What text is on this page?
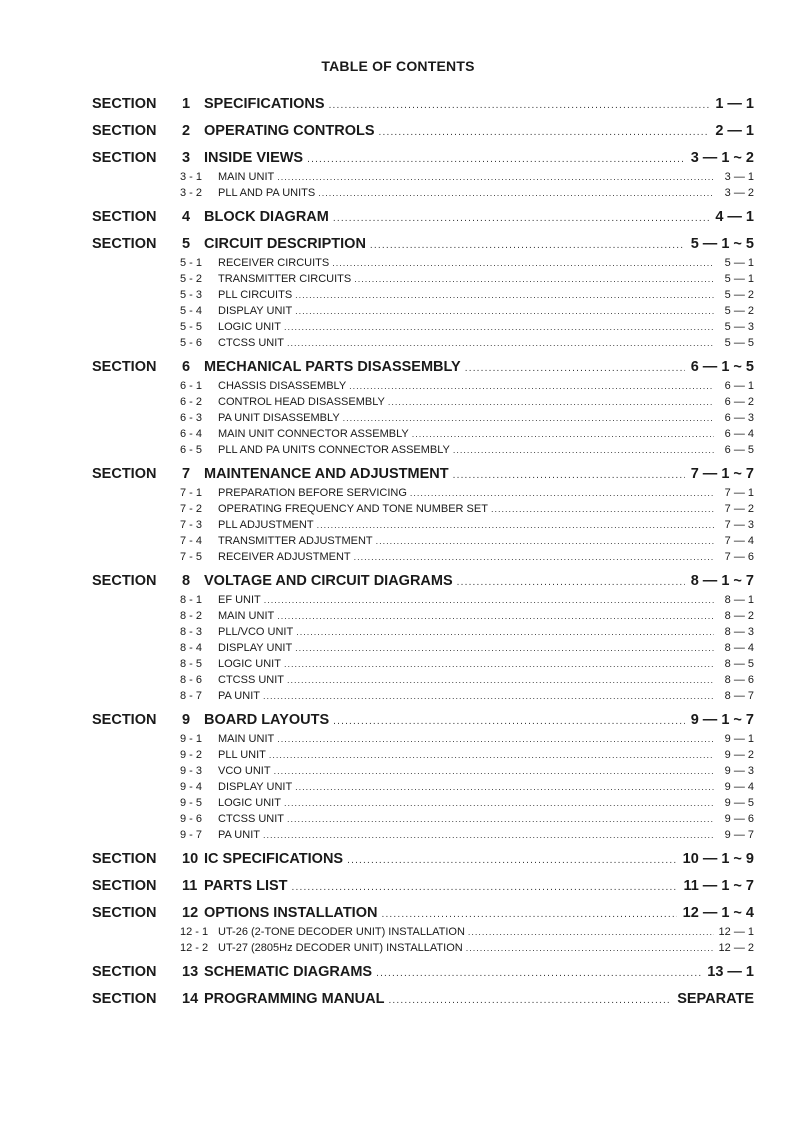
TABLE OF CONTENTS
SECTION	1 SPECIFICATIONS .....	1 — 1
SECTION	2 OPERATING CONTROLS .....	2 — 1
SECTION	3 INSIDE VIEWS .....	3 — 1 ~ 2
3 - 1	MAIN UNIT .....	3 — 1
3 - 2	PLL AND PA UNITS .....	3 — 2
SECTION	4 BLOCK DIAGRAM .....	4 — 1
SECTION	5 CIRCUIT DESCRIPTION .....	5 — 1 ~ 5
5 - 1	RECEIVER CIRCUITS .....	5 — 1
5 - 2	TRANSMITTER CIRCUITS .....	5 — 1
5 - 3	PLL CIRCUITS .....	5 — 2
5 - 4	DISPLAY UNIT .....	5 — 2
5 - 5	LOGIC UNIT .....	5 — 3
5 - 6	CTCSS UNIT .....	5 — 5
SECTION	6 MECHANICAL PARTS DISASSEMBLY .....	6 — 1 ~ 5
6 - 1	CHASSIS DISASSEMBLY .....	6 — 1
6 - 2	CONTROL HEAD DISASSEMBLY .....	6 — 2
6 - 3	PA UNIT DISASSEMBLY .....	6 — 3
6 - 4	MAIN UNIT CONNECTOR ASSEMBLY .....	6 — 4
6 - 5	PLL AND PA UNITS CONNECTOR ASSEMBLY .....	6 — 5
SECTION	7 MAINTENANCE AND ADJUSTMENT .....	7 — 1 ~ 7
7 - 1	PREPARATION BEFORE SERVICING .....	7 — 1
7 - 2	OPERATING FREQUENCY AND TONE NUMBER SET .....	7 — 2
7 - 3	PLL ADJUSTMENT .....	7 — 3
7 - 4	TRANSMITTER ADJUSTMENT .....	7 — 4
7 - 5	RECEIVER ADJUSTMENT .....	7 — 6
SECTION	8 VOLTAGE AND CIRCUIT DIAGRAMS .....	8 — 1 ~ 7
8 - 1	EF UNIT .....	8 — 1
8 - 2	MAIN UNIT .....	8 — 2
8 - 3	PLL/VCO UNIT .....	8 — 3
8 - 4	DISPLAY UNIT .....	8 — 4
8 - 5	LOGIC UNIT .....	8 — 5
8 - 6	CTCSS UNIT .....	8 — 6
8 - 7	PA UNIT .....	8 — 7
SECTION	9 BOARD LAYOUTS .....	9 — 1 ~ 7
9 - 1	MAIN UNIT .....	9 — 1
9 - 2	PLL UNIT .....	9 — 2
9 - 3	VCO UNIT .....	9 — 3
9 - 4	DISPLAY UNIT .....	9 — 4
9 - 5	LOGIC UNIT .....	9 — 5
9 - 6	CTCSS UNIT .....	9 — 6
9 - 7	PA UNIT .....	9 — 7
SECTION	10 IC SPECIFICATIONS .....	10 — 1 ~ 9
SECTION	11 PARTS LIST .....	11 — 1 ~ 7
SECTION	12 OPTIONS INSTALLATION .....	12 — 1 ~ 4
12 - 1 UT-26 (2-TONE DECODER UNIT) INSTALLATION .....	12 — 1
12 - 2 UT-27 (2805Hz DECODER UNIT) INSTALLATION .....	12 — 2
SECTION	13 SCHEMATIC DIAGRAMS .....	13 — 1
SECTION	14 PROGRAMMING MANUAL .....	SEPARATE
